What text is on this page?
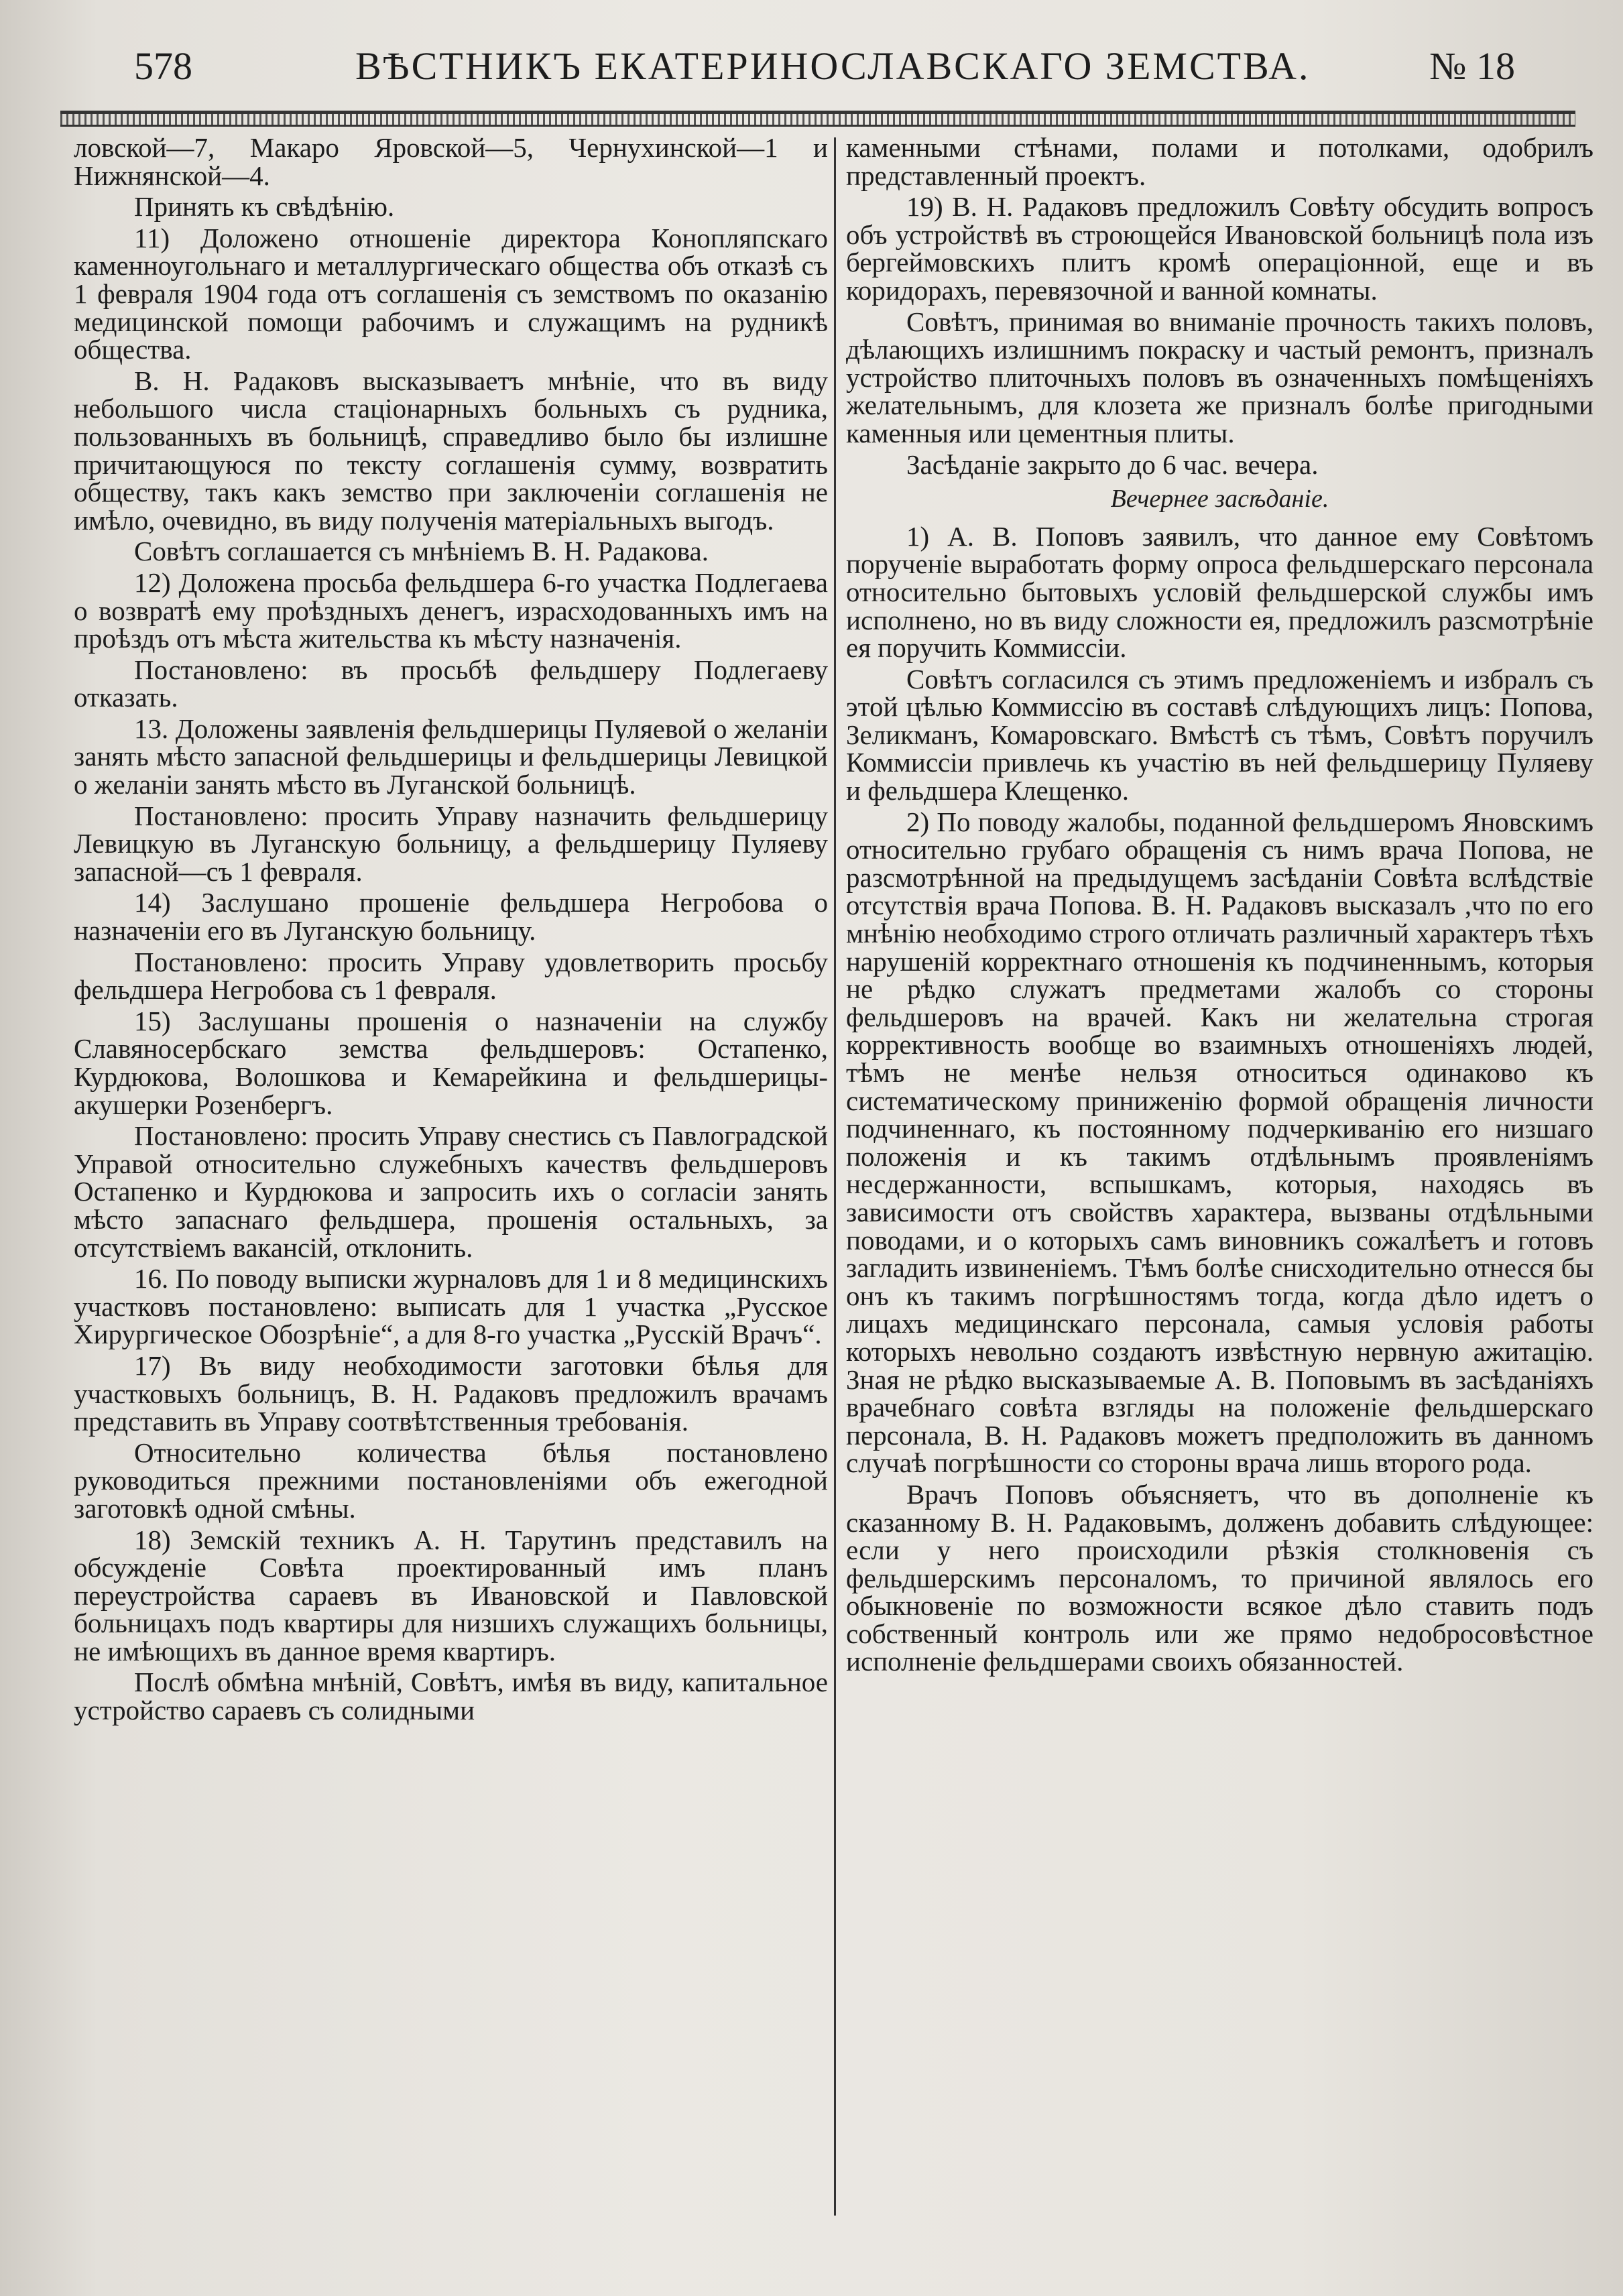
578	ВѢСТНИКЪ ЕКАТЕРИНОСЛАВСКАГО ЗЕМСТВА.	№ 18

ловской—7, Макаро Яровской—5, Чернухинской—1 и Нижнянской—4.

Принять къ свѣдѣнію.

11) Доложено отношеніе директора Конопляпскаго каменноугольнаго и металлургическаго общества объ отказѣ съ 1 февраля 1904 года отъ соглашенія съ земствомъ по оказанію медицинской помощи рабочимъ и служащимъ на рудникѣ общества.

В. Н. Радаковъ высказываетъ мнѣніе, что въ виду небольшого числа стаціонарныхъ больныхъ съ рудника, пользованныхъ въ больницѣ, справедливо было бы излишне причитающуюся по тексту соглашенія сумму, возвратить обществу, такъ какъ земство при заключеніи соглашенія не имѣло, очевидно, въ виду полученія матеріальныхъ выгодъ.

Совѣтъ соглашается съ мнѣніемъ В. Н. Радакова.

12) Доложена просьба фельдшера 6-го участка Подлегаева о возвратѣ ему проѣздныхъ денегъ, израсходованныхъ имъ на проѣздъ отъ мѣста жительства къ мѣсту назначенія.

Постановлено: въ просьбѣ фельдшеру Подлегаеву отказать.

13. Доложены заявленія фельдшерицы Пуляевой о желаніи занять мѣсто запасной фельдшерицы и фельдшерицы Левицкой о желаніи занять мѣсто въ Луганской больницѣ.

Постановлено: просить Управу назначить фельдшерицу Левицкую въ Луганскую больницу, а фельдшерицу Пуляеву запасной—съ 1 февраля.

14) Заслушано прошеніе фельдшера Негробова о назначеніи его въ Луганскую больницу.

Постановлено: просить Управу удовлетворить просьбу фельдшера Негробова съ 1 февраля.

15) Заслушаны прошенія о назначеніи на службу Славяносербскаго земства фельдшеровъ: Остапенко, Курдюкова, Волошкова и Кемарейкина и фельдшерицы-акушерки Розенбергъ.

Постановлено: просить Управу снестись съ Павлоградской Управой относительно служебныхъ качествъ фельдшеровъ Остапенко и Курдюкова и запросить ихъ о согласіи занять мѣсто запаснаго фельдшера, прошенія остальныхъ, за отсутствіемъ вакансій, отклонить.

16. По поводу выписки журналовъ для 1 и 8 медицинскихъ участковъ постановлено: выписать для 1 участка „Русское Хирургическое Обозрѣніе“, а для 8-го участка „Русскій Врачъ“.

17) Въ виду необходимости заготовки бѣлья для участковыхъ больницъ, В. Н. Радаковъ предложилъ врачамъ представить въ Управу соотвѣтственныя требованія.

Относительно количества бѣлья постановлено руководиться прежними постановленіями объ ежегодной заготовкѣ одной смѣны.

18) Земскій техникъ А. Н. Тарутинъ представилъ на обсужденіе Совѣта проектированный имъ планъ переустройства сараевъ въ Ивановской и Павловской больницахъ подъ квартиры для низшихъ служащихъ больницы, не имѣющихъ въ данное время квартиръ.

Послѣ обмѣна мнѣній, Совѣтъ, имѣя въ виду, капитальное устройство сараевъ съ солидными

каменными стѣнами, полами и потолками, одобрилъ представленный проектъ.

19) В. Н. Радаковъ предложилъ Совѣту обсудить вопросъ объ устройствѣ въ строющейся Ивановской больницѣ пола изъ бергеймовскихъ плитъ кромѣ операціонной, еще и въ коридорахъ, перевязочной и ванной комнаты.

Совѣтъ, принимая во вниманіе прочность такихъ половъ, дѣлающихъ излишнимъ покраску и частый ремонтъ, призналъ устройство плиточныхъ половъ въ означенныхъ помѣщеніяхъ желательнымъ, для клозета же призналъ болѣе пригодными каменныя или цементныя плиты.

Засѣданіе закрыто до 6 час. вечера.

Вечернее засѣданіе.

1) А. В. Поповъ заявилъ, что данное ему Совѣтомъ порученіе выработать форму опроса фельдшерскаго персонала относительно бытовыхъ условій фельдшерской службы имъ исполнено, но въ виду сложности ея, предложилъ разсмотрѣніе ея поручить Коммиссіи.

Совѣтъ согласился съ этимъ предложеніемъ и избралъ съ этой цѣлью Коммиссію въ составѣ слѣдующихъ лицъ: Попова, Зеликманъ, Комаровскаго. Вмѣстѣ съ тѣмъ, Совѣтъ поручилъ Коммиссіи привлечь къ участію въ ней фельдшерицу Пуляеву и фельдшера Клещенко.

2) По поводу жалобы, поданной фельдшеромъ Яновскимъ относительно грубаго обращенія съ нимъ врача Попова, не разсмотрѣнной на предыдущемъ засѣданіи Совѣта вслѣдствіе отсутствія врача Попова. В. Н. Радаковъ высказалъ ,что по его мнѣнію необходимо строго отличать различный характеръ тѣхъ нарушеній корректнаго отношенія къ подчиненнымъ, которыя не рѣдко служатъ предметами жалобъ со стороны фельдшеровъ на врачей. Какъ ни желательна строгая коррективность вообще во взаимныхъ отношеніяхъ людей, тѣмъ не менѣе нельзя относиться одинаково къ систематическому приниженію формой обращенія личности подчиненнаго, къ постоянному подчеркиванію его низшаго положенія и къ такимъ отдѣльнымъ проявленіямъ несдержанности, вспышкамъ, которыя, находясь въ зависимости отъ свойствъ характера, вызваны отдѣльными поводами, и о которыхъ самъ виновникъ сожалѣетъ и готовъ загладить извиненіемъ. Тѣмъ болѣе снисходительно отнесся бы онъ къ такимъ погрѣшностямъ тогда, когда дѣло идетъ о лицахъ медицинскаго персонала, самыя условія работы которыхъ невольно создаютъ извѣстную нервную ажитацію. Зная не рѣдко высказываемые А. В. Поповымъ въ засѣданіяхъ врачебнаго совѣта взгляды на положеніе фельдшерскаго персонала, В. Н. Радаковъ можетъ предположить въ данномъ случаѣ погрѣшности со стороны врача лишь второго рода.

Врачъ Поповъ объясняетъ, что въ дополненіе къ сказанному В. Н. Радаковымъ, долженъ добавить слѣдующее: если у него происходили рѣзкія столкновенія съ фельдшерскимъ персоналомъ, то причиной являлось его обыкновеніе по возможности всякое дѣло ставить подъ собственный контроль или же прямо недобросовѣстное исполненіе фельдшерами своихъ обязанностей.
